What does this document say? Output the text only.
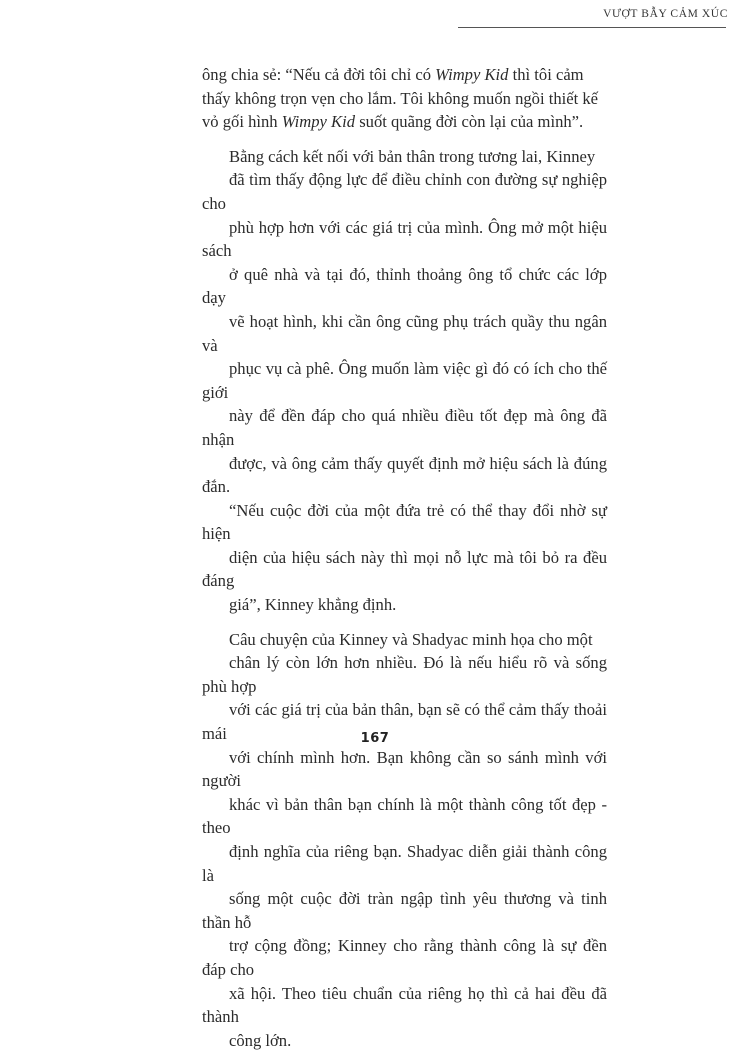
VƯỢT BẪY CẢM XÚC

ông chia sẻ: “Nếu cả đời tôi chỉ có Wimpy Kid thì tôi cảm
thấy không trọn vẹn cho lắm. Tôi không muốn ngồi thiết kế
vỏ gối hình Wimpy Kid suốt quãng đời còn lại của mình”.

Bằng cách kết nối với bản thân trong tương lai, Kinney
đã tìm thấy động lực để điều chỉnh con đường sự nghiệp cho
phù hợp hơn với các giá trị của mình. Ông mở một hiệu sách
ở quê nhà và tại đó, thỉnh thoảng ông tổ chức các lớp dạy
vẽ hoạt hình, khi cần ông cũng phụ trách quầy thu ngân và
phục vụ cà phê. Ông muốn làm việc gì đó có ích cho thế giới
này để đền đáp cho quá nhiều điều tốt đẹp mà ông đã nhận
được, và ông cảm thấy quyết định mở hiệu sách là đúng đắn.
“Nếu cuộc đời của một đứa trẻ có thể thay đổi nhờ sự hiện
diện của hiệu sách này thì mọi nỗ lực mà tôi bỏ ra đều đáng
giá”, Kinney khẳng định.

Câu chuyện của Kinney và Shadyac minh họa cho một
chân lý còn lớn hơn nhiều. Đó là nếu hiểu rõ và sống phù hợp
với các giá trị của bản thân, bạn sẽ có thể cảm thấy thoải mái
với chính mình hơn. Bạn không cần so sánh mình với người
khác vì bản thân bạn chính là một thành công tốt đẹp - theo
định nghĩa của riêng bạn. Shadyac diễn giải thành công là
sống một cuộc đời tràn ngập tình yêu thương và tinh thần hỗ
trợ cộng đồng; Kinney cho rằng thành công là sự đền đáp cho
xã hội. Theo tiêu chuẩn của riêng họ thì cả hai đều đã thành
công lớn.

167
